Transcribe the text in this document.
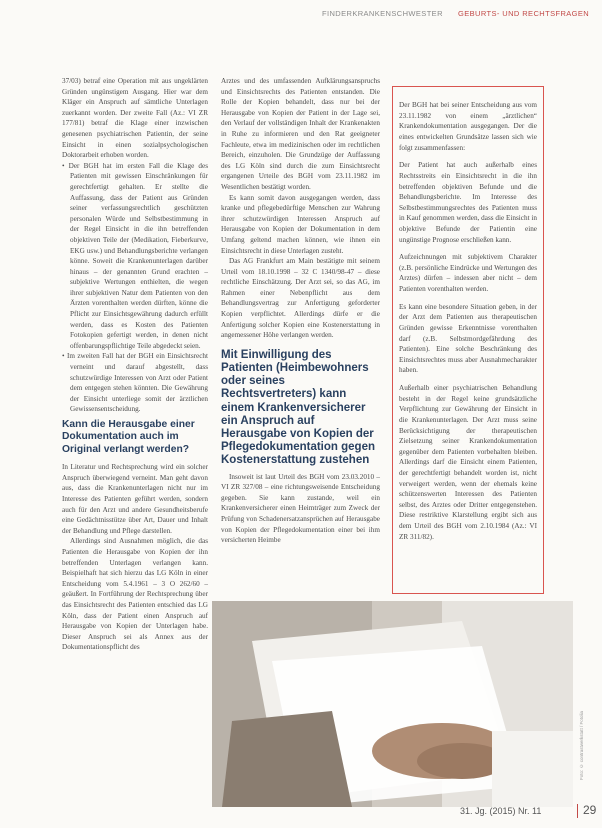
FINDERKRANKENSCHWESTER GEBURTS- UND RECHTSFRAGEN

37/03) betraf eine Operation mit aus ungeklärten Gründen ungünstigem Ausgang. Hier war dem Kläger ein Anspruch auf sämtliche Unterlagen zuerkannt worden. Der zweite Fall (Az.: VI ZR 177/81) betraf die Klage einer inzwischen genesenen psychiatrischen Patientin, der seine Einsicht in einen sozialpsychologischen Doktorarbeit erhoben worden.

• Der BGH hat im ersten Fall die Klage des Patienten mit gewissen Einschränkungen für gerechtfertigt gehalten. Er stellte die Auffassung, dass der Patient aus Gründen seiner verfassungsrechtlich geschützten personalen Würde und Selbstbestimmung in der Regel Einsicht in die ihn betreffenden objektiven Teile der (Medikation, Fieberkurve, EKG usw.) und Behandlungsberichte verlangen könne. Soweit die Krankenunterlagen darüber hinaus – der genannten Grund erachten – subjektive Wertungen enthielten, die wegen ihrer subjektiven Natur dem Patienten von den Ärzten vorenthalten werden dürften, könne die Pflicht zur Einsichtsgewährung dadurch erfüllt werden, dass es Kosten des Patienten Fotokopien gefertigt werden, in denen nicht offenbarungspflichtige Teile abgedeckt seien.

• Im zweiten Fall hat der BGH ein Einsichtsrecht verneint und darauf abgestellt, dass schutzwürdige Interessen von Arzt oder Patient dem entgegen stehen könnten. Die Gewährung der Einsicht unterliege somit der ärztlichen Gewissensentscheidung.

Kann die Herausgabe einer Dokumentation auch im Original verlangt werden?

In Literatur und Rechtsprechung wird ein solcher Anspruch überwiegend verneint. Man geht davon aus, dass die Krankenunterlagen nicht nur im Interesse des Patienten geführt werden, sondern auch für den Arzt und andere Gesundheitsberufe eine Gedächtnisstütze über Art, Dauer und Inhalt der Behandlung und Pflege darstellen.

Allerdings sind Ausnahmen möglich, die das Patienten die Herausgabe von Kopien der ihn betreffenden Unterlagen verlangen kann. Beispielhaft hat sich hierzu das LG Köln in einer Entscheidung vom 5.4.1961 – 3 O 262/60 – geäußert. In Fortführung der Rechtsprechung über das Einsichtsrecht des Patienten entschied das LG Köln, dass der Patient einen Anspruch auf Herausgabe von Kopien der Unterlagen habe. Dieser Anspruch sei als Annex aus der Dokumentationspflicht des

Arztes und des umfassenden Aufklärungsanspruchs und Einsichtsrechts des Patienten entstanden. Die Rolle der Kopien behandelt, dass nur bei der Herausgabe von Kopien der Patient in der Lage sei, den Verlauf der vollständigen Inhalt der Krankenakten in Ruhe zu informieren und den Rat geeigneter Fachleute, etwa im medizinischen oder im rechtlichen Bereich, einzuholen. Die Grundzüge der Auffassung des LG Köln sind durch die zum Einsichtsrecht ergangenen Urteile des BGH vom 23.11.1982 im Wesentlichen bestätigt worden.

Es kann somit davon ausgegangen werden, dass kranke und pflegebedürftige Menschen zur Wahrung ihrer schutzwürdigen Interessen Anspruch auf Herausgabe von Kopien der Dokumentation in dem Umfang geltend machen können, wie ihnen ein Einsichtsrecht in diese Unterlagen zusteht.

Das AG Frankfurt am Main bestätigte mit seinem Urteil vom 18.10.1998 – 32 C 1340/98-47 – diese rechtliche Einschätzung. Der Arzt sei, so das AG, im Rahmen einer Nebenpflicht aus dem Behandlungsvertrag zur Anfertigung geforderter Kopien verpflichtet. Allerdings dürfe er die Anfertigung solcher Kopien eine Kostenerstattung in angemessener Höhe verlangen werden.

Mit Einwilligung des Patienten (Heimbewohners oder seines Rechtsvertreters) kann einem Krankenversicherer ein Anspruch auf Herausgabe von Kopien der Pflegedokumentation gegen Kostenerstattung zustehen

Insoweit ist laut Urteil des BGH vom 23.03.2010 – VI ZR 327/08 – eine richtungsweisende Entscheidung gegeben. Sie kann zustande, weil ein Krankenversicherer einen Heimträger zum Zweck der Prüfung von Schadenersatzansprüchen auf Herausgabe von Kopien der Pflegedokumentation einer bei ihm versicherten Heimbe

Der BGH hat bei seiner Entscheidung aus vom 23.11.1982 von einem „ärztlichen“ Krankendokumentation ausgegangen. Der die eines entwickelten Grundsätze lassen sich wie folgt zusammenfassen:

Der Patient hat auch außerhalb eines Rechtsstreits ein Einsichtsrecht in die ihn betreffenden objektiven Befunde und die Behandlungsberichte. Im Interesse des Selbstbestimmungsrechtes des Patienten muss in Kauf genommen werden, dass die Einsicht in objektive Befunde der Patientin eine ungünstige Prognose erschließen kann.

Aufzeichnungen mit subjektivem Charakter (z.B. persönliche Eindrücke und Wertungen des Arztes) dürfen – indessen aber nicht – dem Patienten vorenthalten werden.

Es kann eine besondere Situation geben, in der der Arzt dem Patienten aus therapeutischen Gründen gewisse Erkenntnisse vorenthalten darf (z.B. Selbstmordgefährdung des Patienten). Eine solche Beschränkung des Einsichtsrechtes muss aber Ausnahmecharakter haben.

Außerhalb einer psychiatrischen Behandlung besteht in der Regel keine grundsätzliche Verpflichtung zur Gewährung der Einsicht in die Krankenunterlagen. Der Arzt muss seine Berücksichtigung der therapeutischen Zielsetzung seiner Krankendokumentation gegenüber dem Patienten vorbehalten bleiben. Allerdings darf die Einsicht einem Patienten, der gerechtfertigt behandelt worden ist, nicht verweigert werden, wenn der ehemals keine schützenswerten Interessen des Patienten selbst, des Arztes oder Dritter entgegenstehen. Diese restriktive Klarstellung ergibt sich aus dem Urteil des BGH vom 2.10.1984 (Az.: VI ZR 311/82).

Foto: © contrastwerkstatt / Fotolia
31. Jg. (2015) Nr. 11	29
